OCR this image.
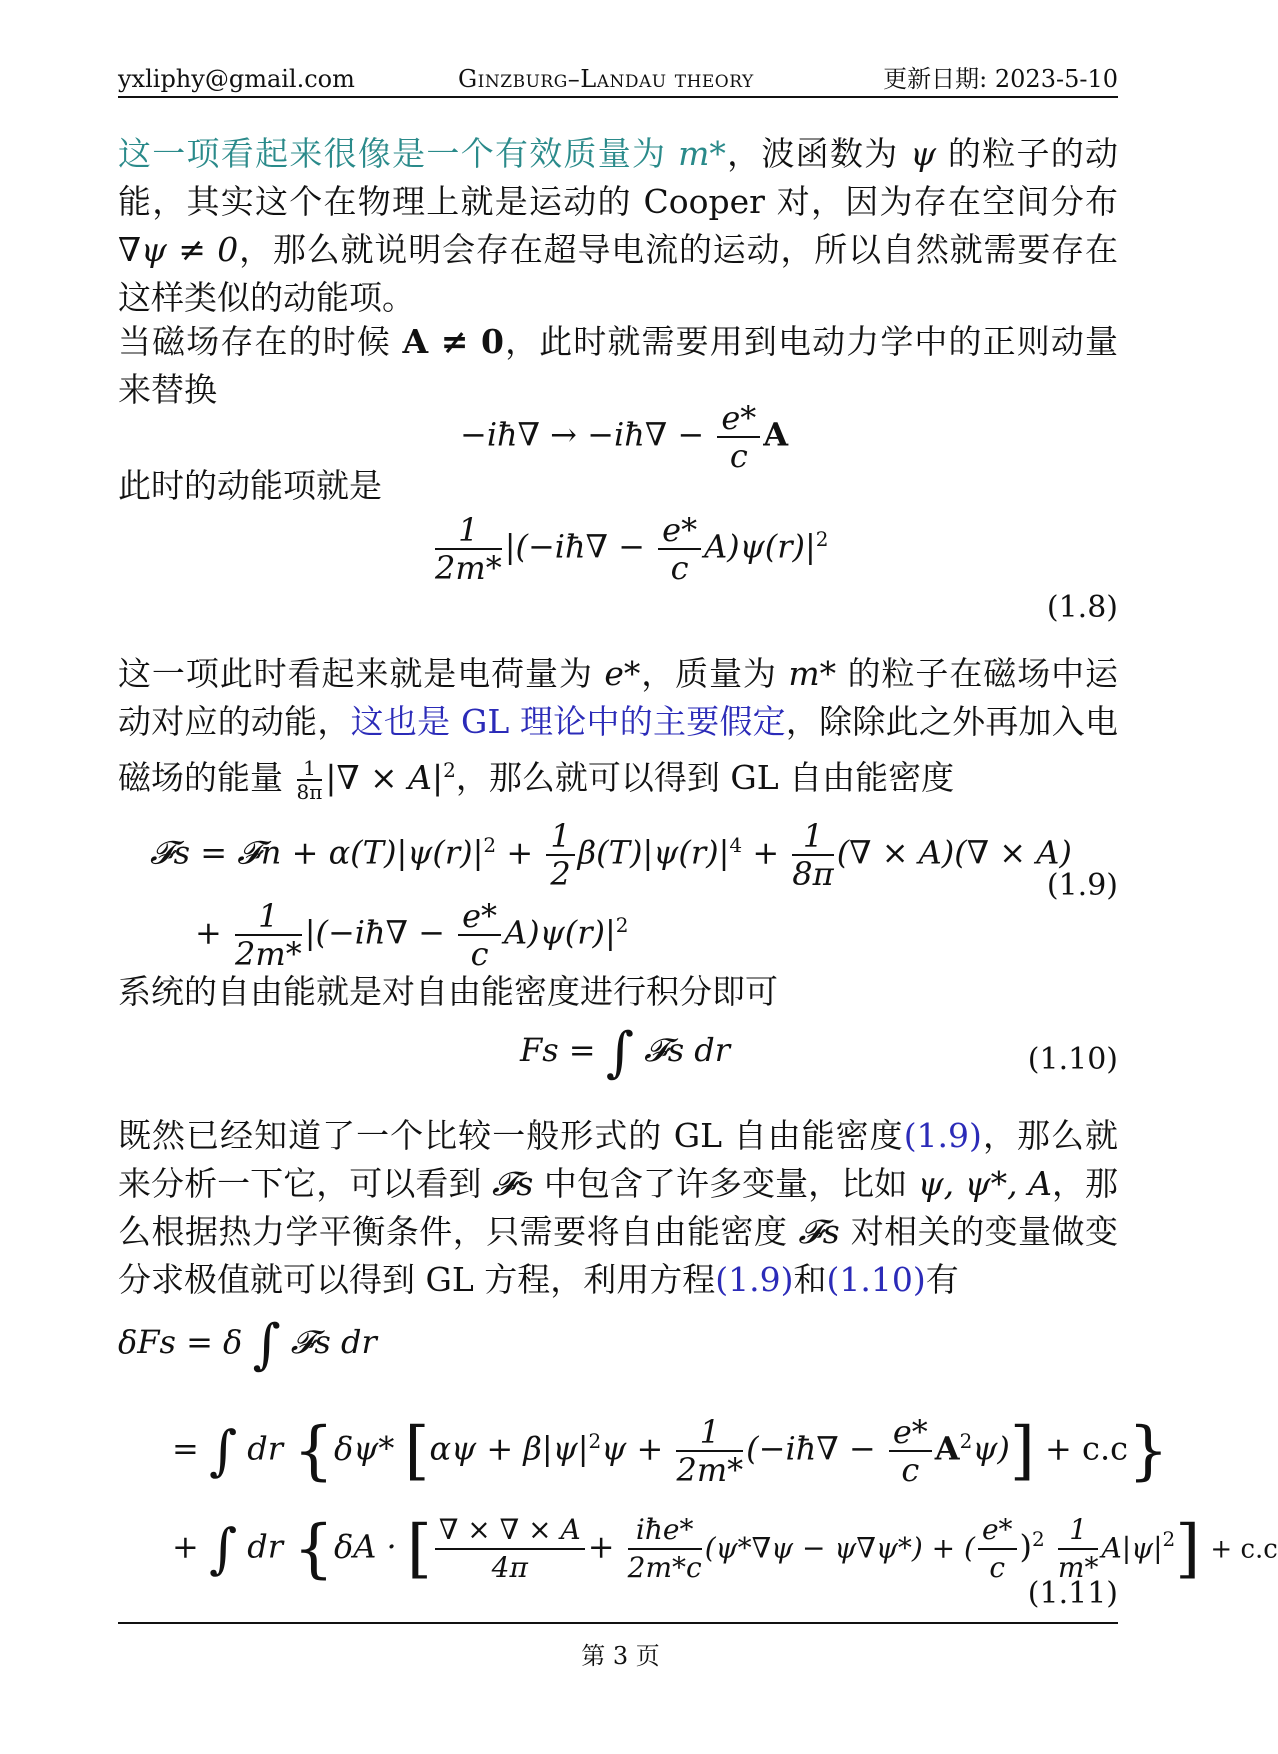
yxliphy@gmail.com	Ginzburg–Landau theory	更新日期: 2023-5-10
这一项看起来很像是一个有效质量为 m*，波函数为 ψ 的粒子的动能，其实这个在物理上就是运动的 Cooper 对，因为存在空间分布 ∇ψ ≠ 0，那么就说明会存在超导电流的运动，所以自然就需要存在这样类似的动能项。
当磁场存在的时候 A ≠ 0，此时就需要用到电动力学中的正则动量来替换
−iħ∇ → −iħ∇ − $\frac{e*}{c}$ A
此时的动能项就是
$\frac{1}{2m*}$ |(−iħ∇ − $\frac{e*}{c} A)\psi(r)|^2$
(1.8)
这一项此时看起来就是电荷量为 e*，质量为 m* 的粒子在磁场中运动对应的动能，这也是 GL 理论中的主要假定，除除此之外再加入电磁场的能量 $\frac{1}{8\pi}$ |∇ × $A|^2$，那么就可以得到 GL 自由能密度
𝓕s = 𝓕n + $\alpha(T)|\psi(r)|^2 + \frac{1}{2} \beta(T)|\psi(r)|^4 + \frac{1}{8\pi}$ (∇ × A)(∇ × A)
+ $\frac{1}{2m*}$ |(−iħ∇ − $\frac{e*}{c} A)\psi(r)|^2$
(1.9)
系统的自由能就是对自由能密度进行积分即可
Fs = ∫ 𝓕s dr	(1.10)
既然已经知道了一个比较一般形式的 GL 自由能密度(1.9)，那么就来分析一下它，可以看到 𝓕s 中包含了许多变量，比如 ψ, ψ*, A，那么根据热力学平衡条件，只需要将自由能密度 𝓕s 对相关的变量做变分求极值就可以得到 GL 方程，利用方程(1.9)和(1.10)有
δFs = δ ∫ 𝓕s dr
= ∫ dr {δψ* [$\alpha\psi + \beta|\psi|^2\psi + \frac{1}{2m*}$ (−iħ∇ − $\frac{e*}{c} A^2\psi)] + c.c$}
+ ∫ dr {δA · [ $\frac{\nabla \times \nabla \times A}{4\pi} + \frac{\text{iħe*}}{2m*c} (\psi*\nabla\psi - \psi\nabla\psi*)$ + ( $\frac{e*}{c} )^2 \frac{1}{m*} A|\psi|^2] + c.c$
(1.11)
第 3 页
